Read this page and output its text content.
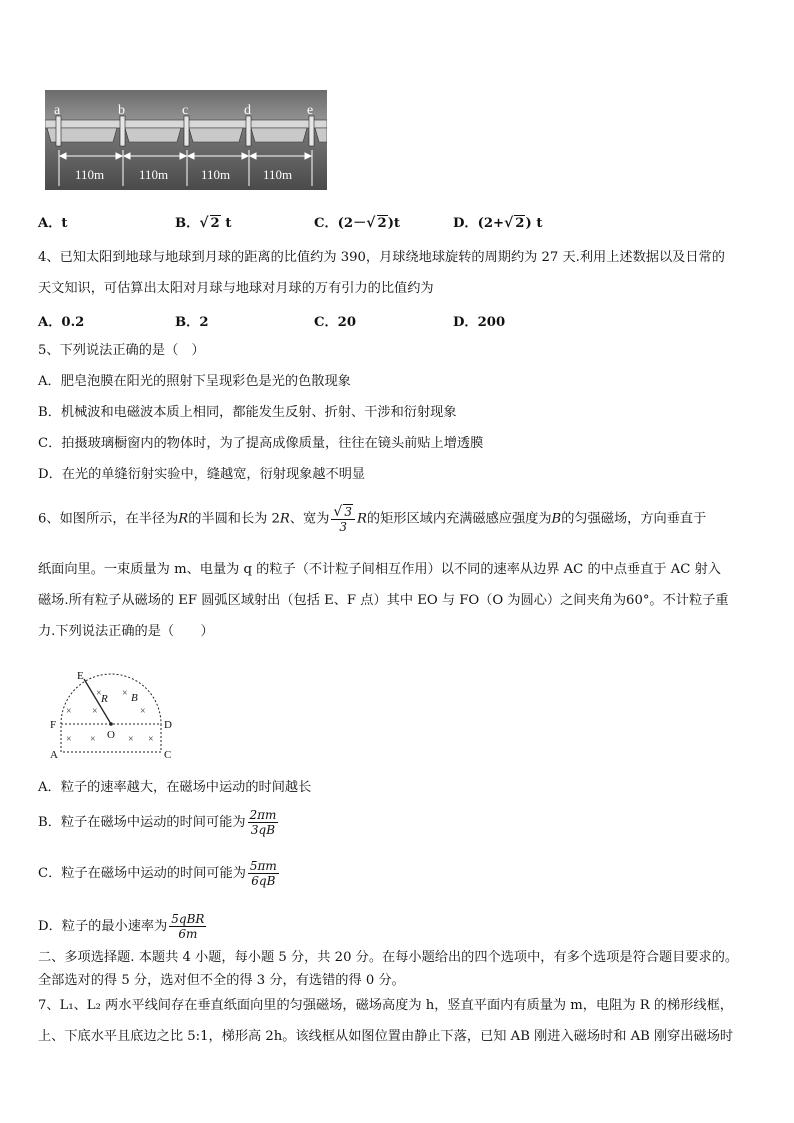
a	b	c	d	e
110m	110m	110m	110m
A．t	B．√ 2 t	C．(2－√ 2)t	D．(2+√ 2) t
4、已知太阳到地球与地球到月球的距离的比值约为 390，月球绕地球旋转的周期约为 27 天.利用上述数据以及日常的
天文知识，可估算出太阳对月球与地球对月球的万有引力的比值约为
A．0.2	B．2	C．20	D．200
5、下列说法正确的是（　）
A．肥皂泡膜在阳光的照射下呈现彩色是光的色散现象
B．机械波和电磁波本质上相同，都能发生反射、折射、干涉和衍射现象
C．拍摄玻璃橱窗内的物体时，为了提高成像质量，往往在镜头前贴上增透膜
D．在光的单缝衍射实验中，缝越宽，衍射现象越不明显
6、如图所示，在半径为R的半圆和长为 2R、宽为 $\frac{√ 3}{3}$ R的矩形区域内充满磁感应强度为B的匀强磁场，方向垂直于
纸面向里。一束质量为 m、电量为 q 的粒子（不计粒子间相互作用）以不同的速率从边界 AC 的中点垂直于 AC 射入
磁场.所有粒子从磁场的 EF 圆弧区域射出（包括 E、F 点）其中 EO 与 FO（O 为圆心）之间夹角为60°。不计粒子重
力.下列说法正确的是（　　）
× ×
× ×	×
× ×	× ×
E
R B
F	D
O
A	C
A．粒子的速率越大，在磁场中运动的时间越长
B．粒子在磁场中运动的时间可能为 $\frac{2\pi m}{3qB}$
C．粒子在磁场中运动的时间可能为 $\frac{5\pi m}{6qB}$
D．粒子的最小速率为 $\frac{\text{5qBR}}{6m}$
二、多项选择题. 本题共 4 小题，每小题 5 分，共 20 分。在每小题给出的四个选项中，有多个选项是符合题目要求的。
全部选对的得 5 分，选对但不全的得 3 分，有选错的得 0 分。
7、L₁、L₂ 两水平线间存在垂直纸面向里的匀强磁场，磁场高度为 h，竖直平面内有质量为 m，电阻为 R 的梯形线框，
上、下底水平且底边之比 5:1，梯形高 2h。该线框从如图位置由静止下落，已知 AB 刚进入磁场时和 AB 刚穿出磁场时
